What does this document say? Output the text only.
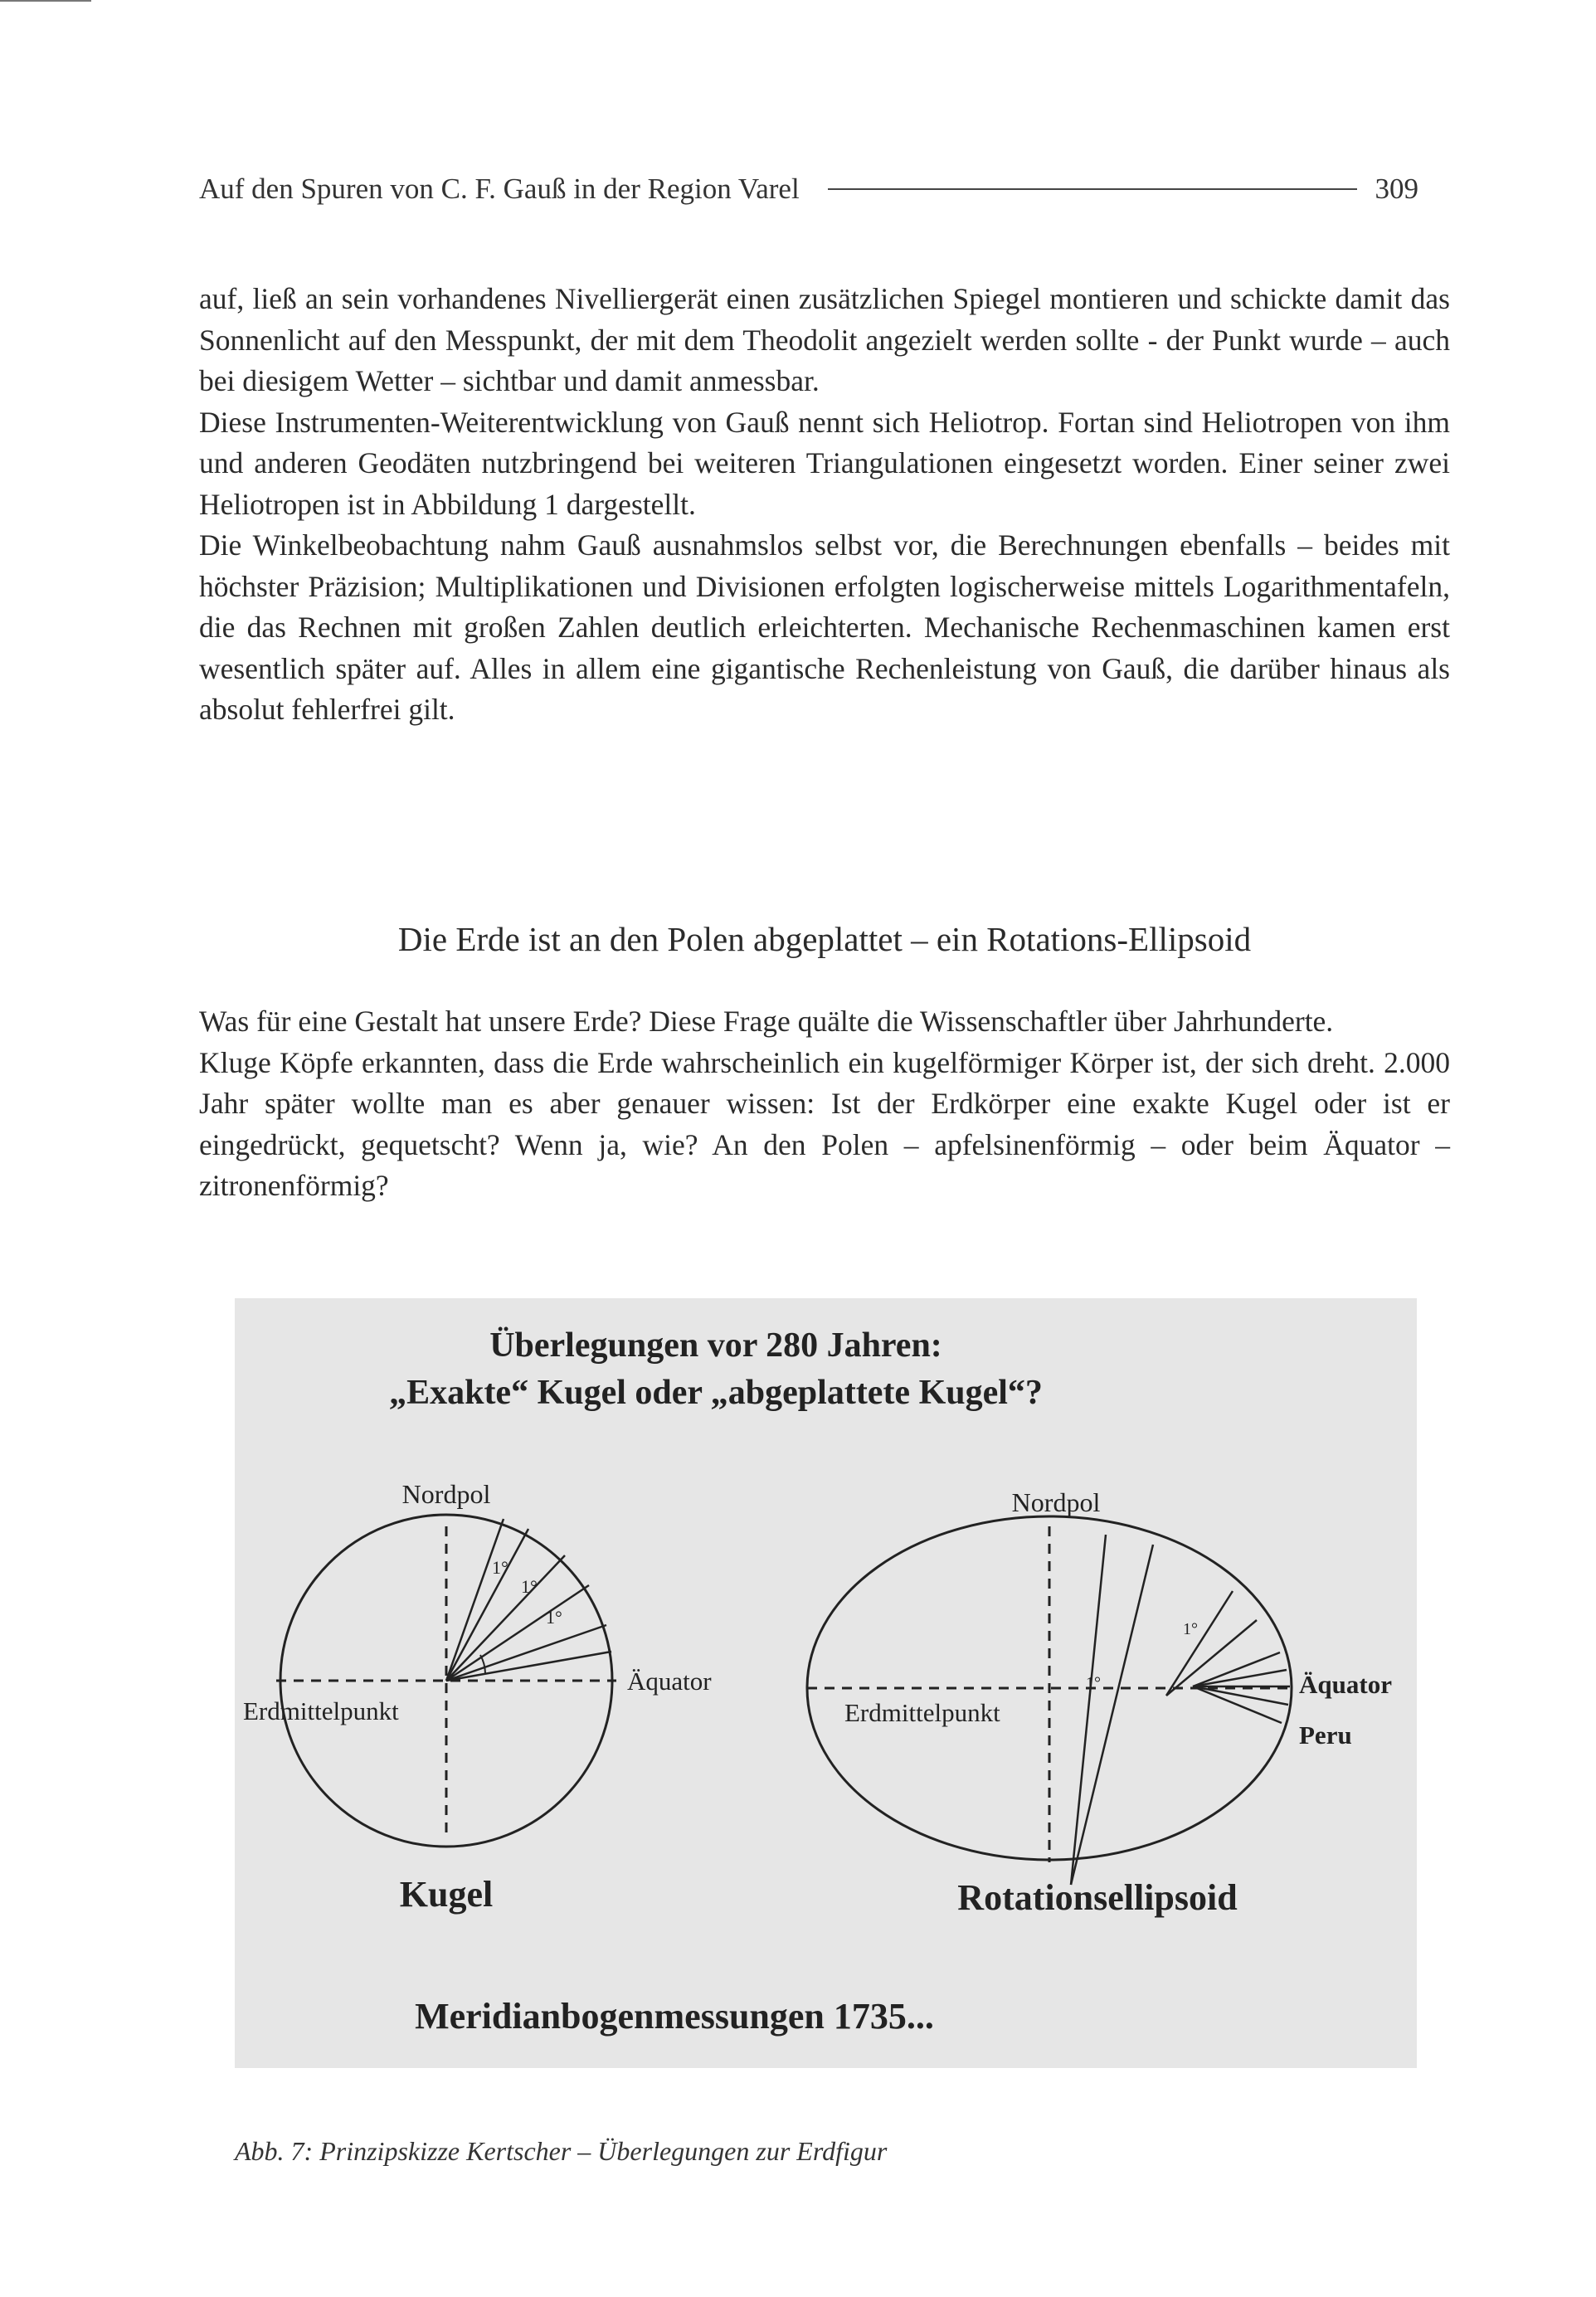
Auf den Spuren von C. F. Gauß in der Region Varel	309

auf, ließ an sein vorhandenes Nivelliergerät einen zusätzlichen Spiegel montieren und schickte damit das Sonnenlicht auf den Messpunkt, der mit dem Theodolit angezielt werden sollte - der Punkt wurde – auch bei diesigem Wetter – sichtbar und damit anmessbar.

Diese Instrumenten-Weiterentwicklung von Gauß nennt sich Heliotrop. Fortan sind Heliotropen von ihm und anderen Geodäten nutzbringend bei weiteren Triangulationen eingesetzt worden. Einer seiner zwei Heliotropen ist in Abbildung 1 dargestellt.

Die Winkelbeobachtung nahm Gauß ausnahmslos selbst vor, die Berechnungen ebenfalls – beides mit höchster Präzision; Multiplikationen und Divisionen erfolgten logischerweise mittels Logarithmentafeln, die das Rechnen mit großen Zahlen deutlich erleichterten. Mechanische Rechenmaschinen kamen erst wesentlich später auf. Alles in allem eine gigantische Rechenleistung von Gauß, die darüber hinaus als absolut fehlerfrei gilt.

Die Erde ist an den Polen abgeplattet – ein Rotations-Ellipsoid

Was für eine Gestalt hat unsere Erde? Diese Frage quälte die Wissenschaftler über Jahrhunderte.

Kluge Köpfe erkannten, dass die Erde wahrscheinlich ein kugelförmiger Körper ist, der sich dreht. 2.000 Jahr später wollte man es aber genauer wissen: Ist der Erdkörper eine exakte Kugel oder ist er eingedrückt, gequetscht? Wenn ja, wie? An den Polen – apfelsinenförmig – oder beim Äquator – zitronenförmig?

Überlegungen vor 280 Jahren:
„Exakte“ Kugel oder „abgeplattete Kugel“?
Nordpol
Erdmittelpunkt
Äquator
1°
1°
1°
Kugel
Nordpol
Erdmittelpunkt
Äquator
Peru
1°
1°
Rotationsellipsoid
Meridianbogenmessungen 1735...
Abb. 7: Prinzipskizze Kertscher – Überlegungen zur Erdfigur
